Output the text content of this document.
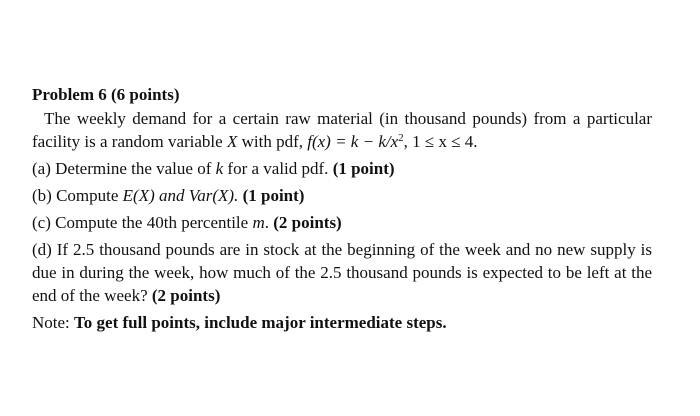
Problem 6 (6 points)
The weekly demand for a certain raw material (in thousand pounds) from a particular facility is a random variable X with pdf, $f(x) = k - k/x^2$, 1 ≤ x ≤ 4.
(a) Determine the value of k for a valid pdf. (1 point)
(b) Compute E(X) and Var(X). (1 point)
(c) Compute the 40th percentile m. (2 points)
(d) If 2.5 thousand pounds are in stock at the beginning of the week and no new supply is due in during the week, how much of the 2.5 thousand pounds is expected to be left at the end of the week? (2 points)
Note: To get full points, include major intermediate steps.
